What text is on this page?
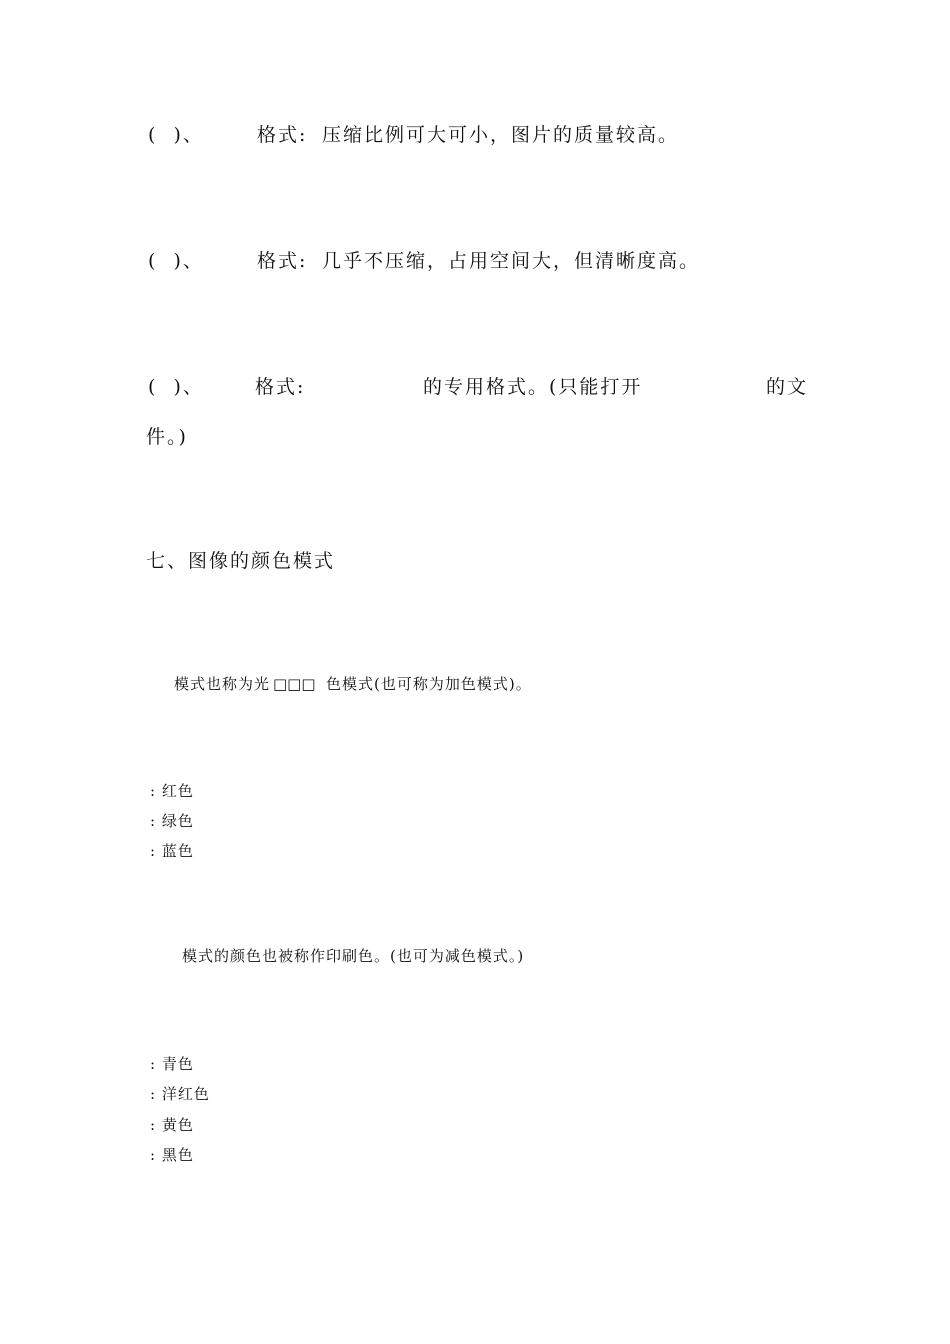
(  )、	格式: 压缩比例可大可小，图片的质量较高。
(  )、	格式: 几乎不压缩，占用空间大，但清晰度高。
(  )、	格式:	的专用格式。(只能打开	的文
件。)
七、图像的颜色模式
模式也称为光 □□□ 色模式(也可称为加色模式)。
: 红色
: 绿色
: 蓝色
模式的颜色也被称作印刷色。(也可为减色模式。)
: 青色
: 洋红色
: 黄色
: 黑色
